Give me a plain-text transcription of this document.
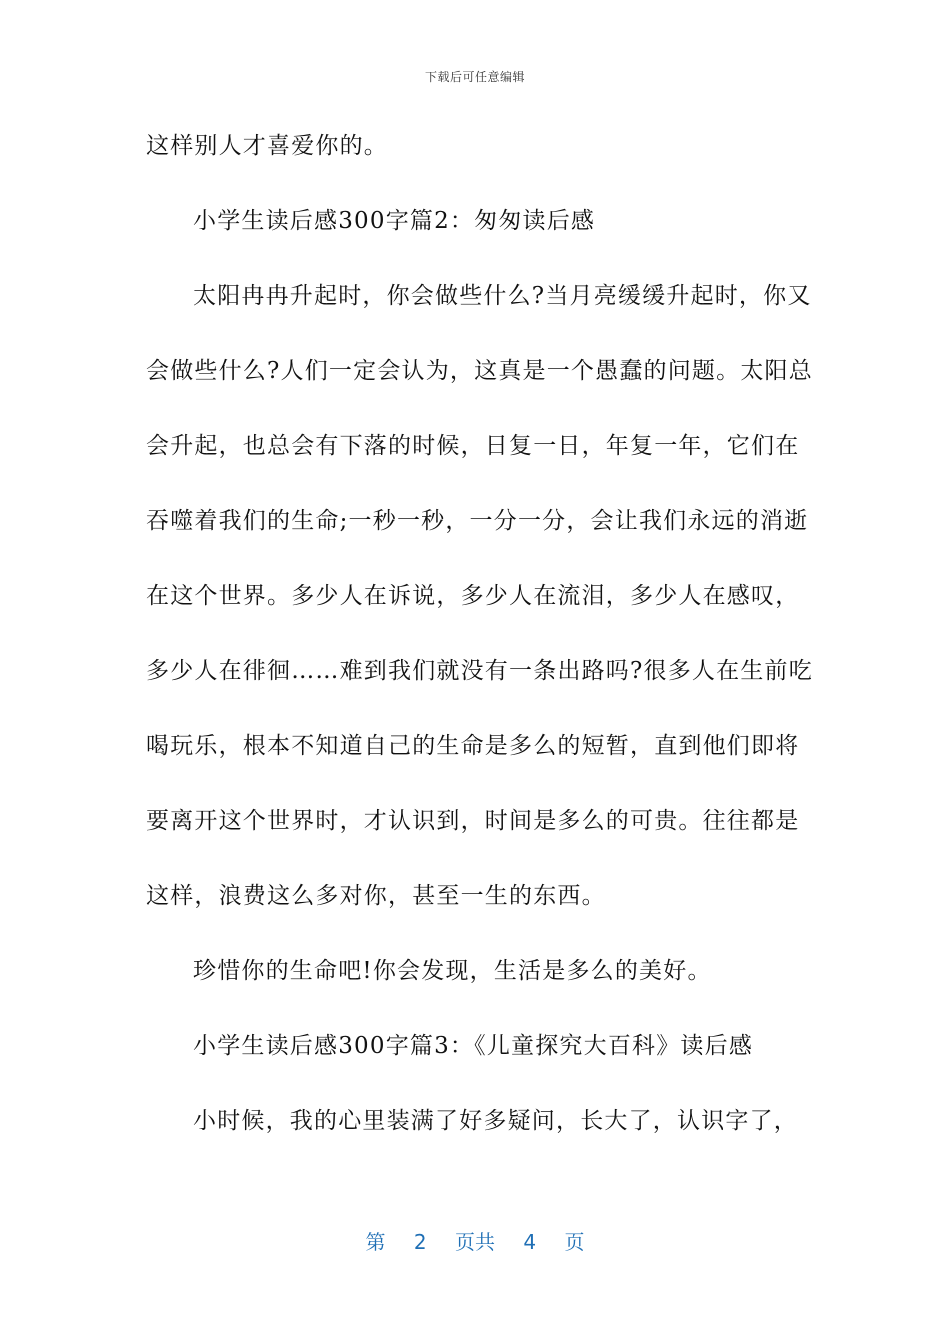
下载后可任意编辑
这样别人才喜爱你的。
小学生读后感300字篇2：匆匆读后感
太阳冉冉升起时，你会做些什么?当月亮缓缓升起时，你又
会做些什么?人们一定会认为，这真是一个愚蠢的问题。太阳总
会升起，也总会有下落的时候，日复一日，年复一年，它们在
吞噬着我们的生命;一秒一秒，一分一分，会让我们永远的消逝
在这个世界。多少人在诉说，多少人在流泪，多少人在感叹，
多少人在徘徊……难到我们就没有一条出路吗?很多人在生前吃
喝玩乐，根本不知道自己的生命是多么的短暂，直到他们即将
要离开这个世界时，才认识到，时间是多么的可贵。往往都是
这样，浪费这么多对你，甚至一生的东西。
珍惜你的生命吧!你会发现，生活是多么的美好。
小学生读后感300字篇3：《儿童探究大百科》读后感
小时候，我的心里装满了好多疑问，长大了，认识字了，
第 2 页共 4 页
